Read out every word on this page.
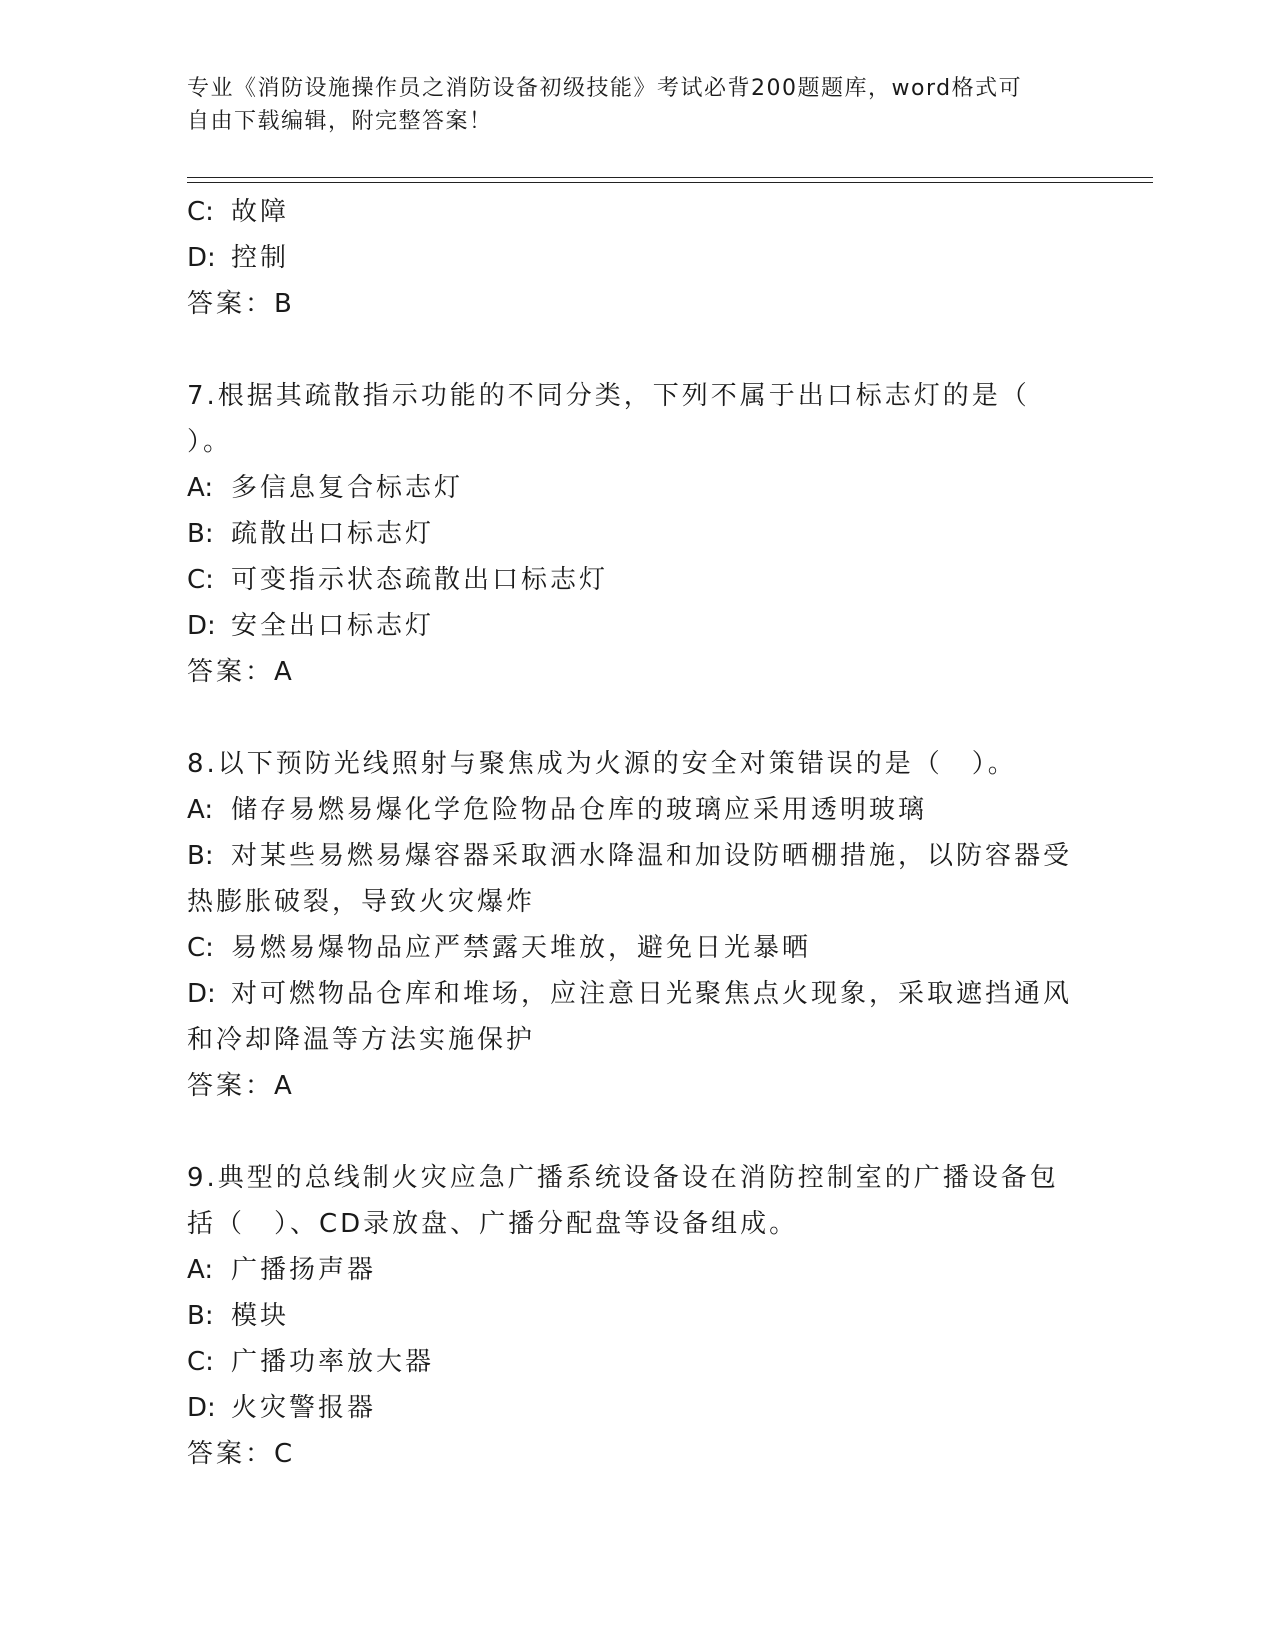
专业《消防设施操作员之消防设备初级技能》考试必背200题题库，word格式可
自由下载编辑，附完整答案！
C: 故障
D: 控制
答案：B
7.根据其疏散指示功能的不同分类，下列不属于出口标志灯的是（
）。
A: 多信息复合标志灯
B: 疏散出口标志灯
C: 可变指示状态疏散出口标志灯
D: 安全出口标志灯
答案：A
8.以下预防光线照射与聚焦成为火源的安全对策错误的是（　）。
A: 储存易燃易爆化学危险物品仓库的玻璃应采用透明玻璃
B: 对某些易燃易爆容器采取洒水降温和加设防晒棚措施，以防容器受
热膨胀破裂，导致火灾爆炸
C: 易燃易爆物品应严禁露天堆放，避免日光暴晒
D: 对可燃物品仓库和堆场，应注意日光聚焦点火现象，采取遮挡通风
和冷却降温等方法实施保护
答案：A
9.典型的总线制火灾应急广播系统设备设在消防控制室的广播设备包
括（　）、CD录放盘、广播分配盘等设备组成。
A: 广播扬声器
B: 模块
C: 广播功率放大器
D: 火灾警报器
答案：C
